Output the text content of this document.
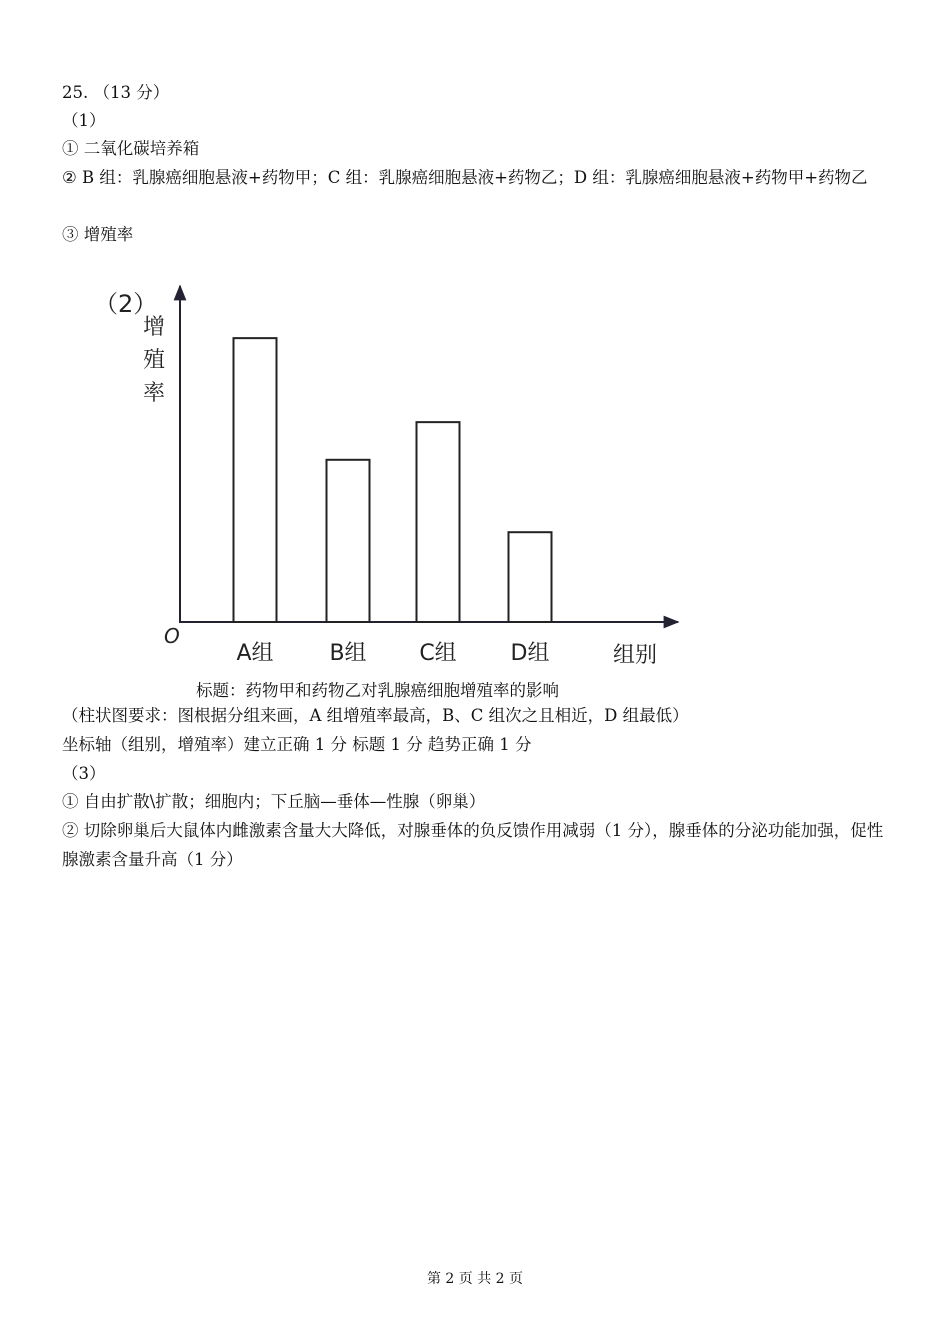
25. （13 分）
（1）
① 二氧化碳培养箱
② B 组：乳腺癌细胞悬液+药物甲；C 组：乳腺癌细胞悬液+药物乙；D 组：乳腺癌细胞悬液+药物甲+药物乙
③ 增殖率
（2）
增
殖
率
O
A组	B组 C组 D组	组别
标题：药物甲和药物乙对乳腺癌细胞增殖率的影响
（柱状图要求：图根据分组来画，A 组增殖率最高，B、C 组次之且相近，D 组最低）
坐标轴（组别，增殖率）建立正确 1 分 标题 1 分 趋势正确 1 分
（3）
① 自由扩散\扩散；细胞内；下丘脑—垂体—性腺（卵巢）
② 切除卵巢后大鼠体内雌激素含量大大降低，对腺垂体的负反馈作用减弱（1 分），腺垂体的分泌功能加强，促性腺激素含量升高（1 分）
第 2 页 共 2 页
